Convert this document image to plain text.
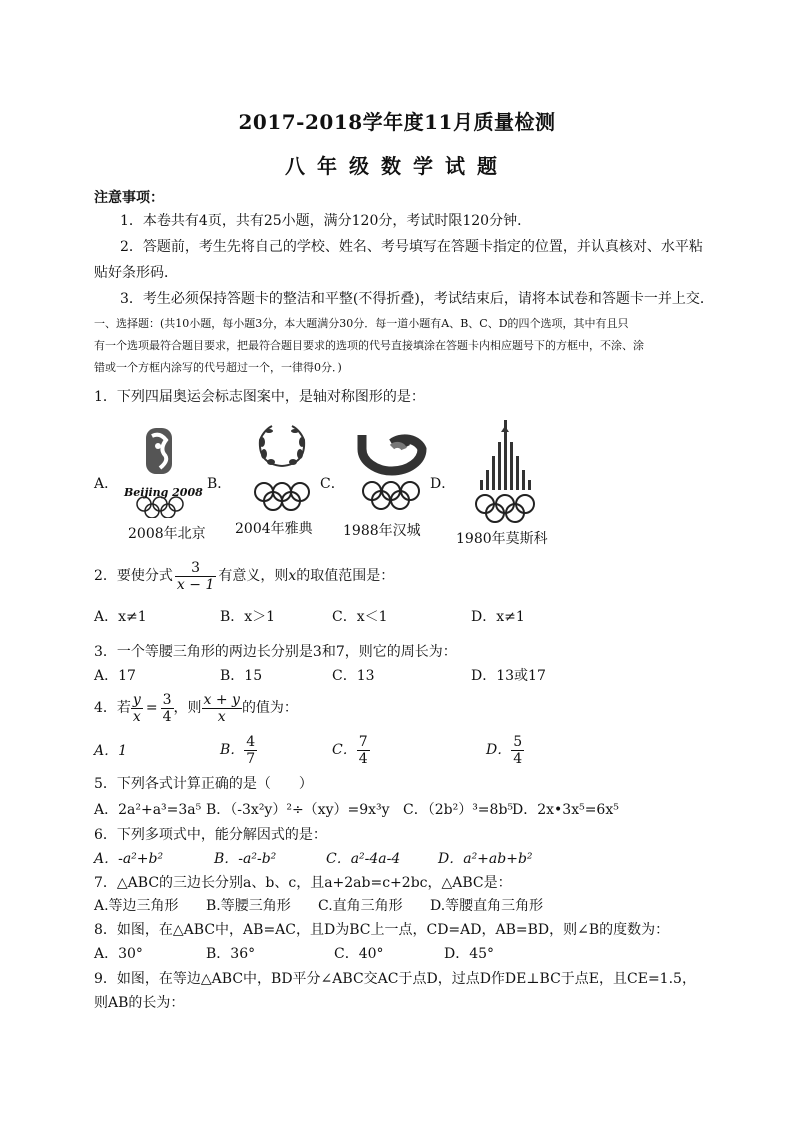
2017-2018学年度11月质量检测
八年级数学试题
注意事项：
1．本卷共有4页，共有25小题，满分120分，考试时限120分钟．
2．答题前，考生先将自己的学校、姓名、考号填写在答题卡指定的位置，并认真核对、水平粘
贴好条形码．
3．考生必须保持答题卡的整洁和平整(不得折叠)，考试结束后，请将本试卷和答题卡一并上交．
一、选择题：(共10小题，每小题3分，本大题满分30分．每一道小题有A、B、C、D的四个选项，其中有且只
有一个选项最符合题目要求，把最符合题目要求的选项的代号直接填涂在答题卡内相应题号下的方框中，不涂、涂
错或一个方框内涂写的代号超过一个，一律得0分．)
1．下列四届奥运会标志图案中，是轴对称图形的是：
A．	B．	C．	D．
Beijing 2008
2008年北京 2004年雅典 1988年汉城	1980年莫斯科
2．要使分式 $\frac{3}{x - 1}$ 有意义，则 x 的取值范围是：
A．x≠1	B．x＞1	C．x＜1	D．x≠1
3．一个等腰三角形的两边长分别是3和7，则它的周长为：
A．17	B．15	C．13	D．13或17
4．若 $\frac{y}{x} = \frac{3}{4}$ ，则 $\frac{x + y}{x}$ 的值为：
A．1	B． $\frac{4}{7}$	C． $\frac{7}{4}$	D． $\frac{5}{4}$
5．下列各式计算正确的是（　　）
A．2a²+a³=3a⁵ B．（-3x²y）²÷（xy）=9x³y C．（2b²）³=8b⁵
D．2x•3x⁵=6x⁵
6．下列多项式中，能分解因式的是：
A．-a²+b²	B．-a²-b²	C．a²-4a-4	D．a²+ab+b²
7．△ABC的三边长分别a、b、c，且a+2ab=c+2bc，△ABC是：
A.等边三角形 B.等腰三角形 C.直角三角形 D.等腰直角三角形
8．如图，在△ABC中，AB=AC，且D为BC上一点，CD=AD，AB=BD，则∠B的度数为：
A．30°	B．36°	C．40°	D．45°
9．如图，在等边△ABC中，BD平分∠ABC交AC于点D，过点D作DE⊥BC于点E，且CE=1.5，
则AB的长为：
